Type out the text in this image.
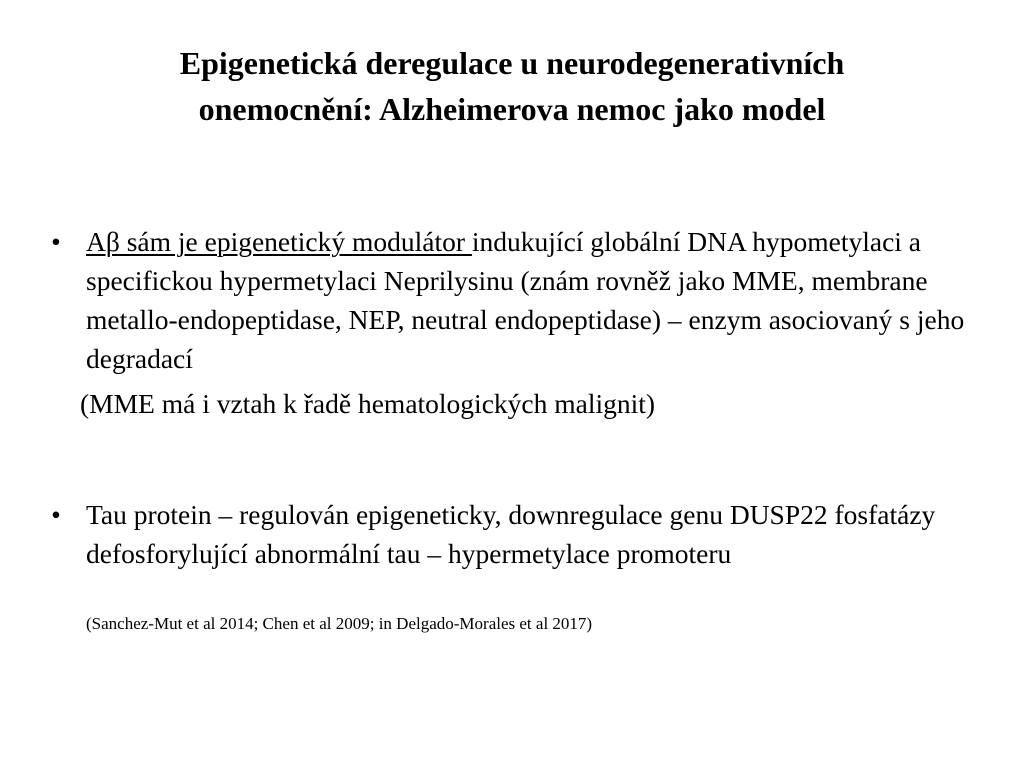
Epigenetická deregulace u neurodegenerativních
onemocnění: Alzheimerova nemoc jako model
• Aβ sám je epigenetický modulátor indukující globální DNA hypometylaci a specifickou hypermetylaci Neprilysinu (znám rovněž jako MME, membrane metallo-endopeptidase, NEP, neutral endopeptidase) – enzym asociovaný s jeho degradací
(MME má i vztah k řadě hematologických malignit)
• Tau protein – regulován epigeneticky, downregulace genu DUSP22 fosfatázy defosforylující abnormální tau – hypermetylace promoteru
(Sanchez-Mut et al 2014; Chen et al 2009; in Delgado-Morales et al 2017)
